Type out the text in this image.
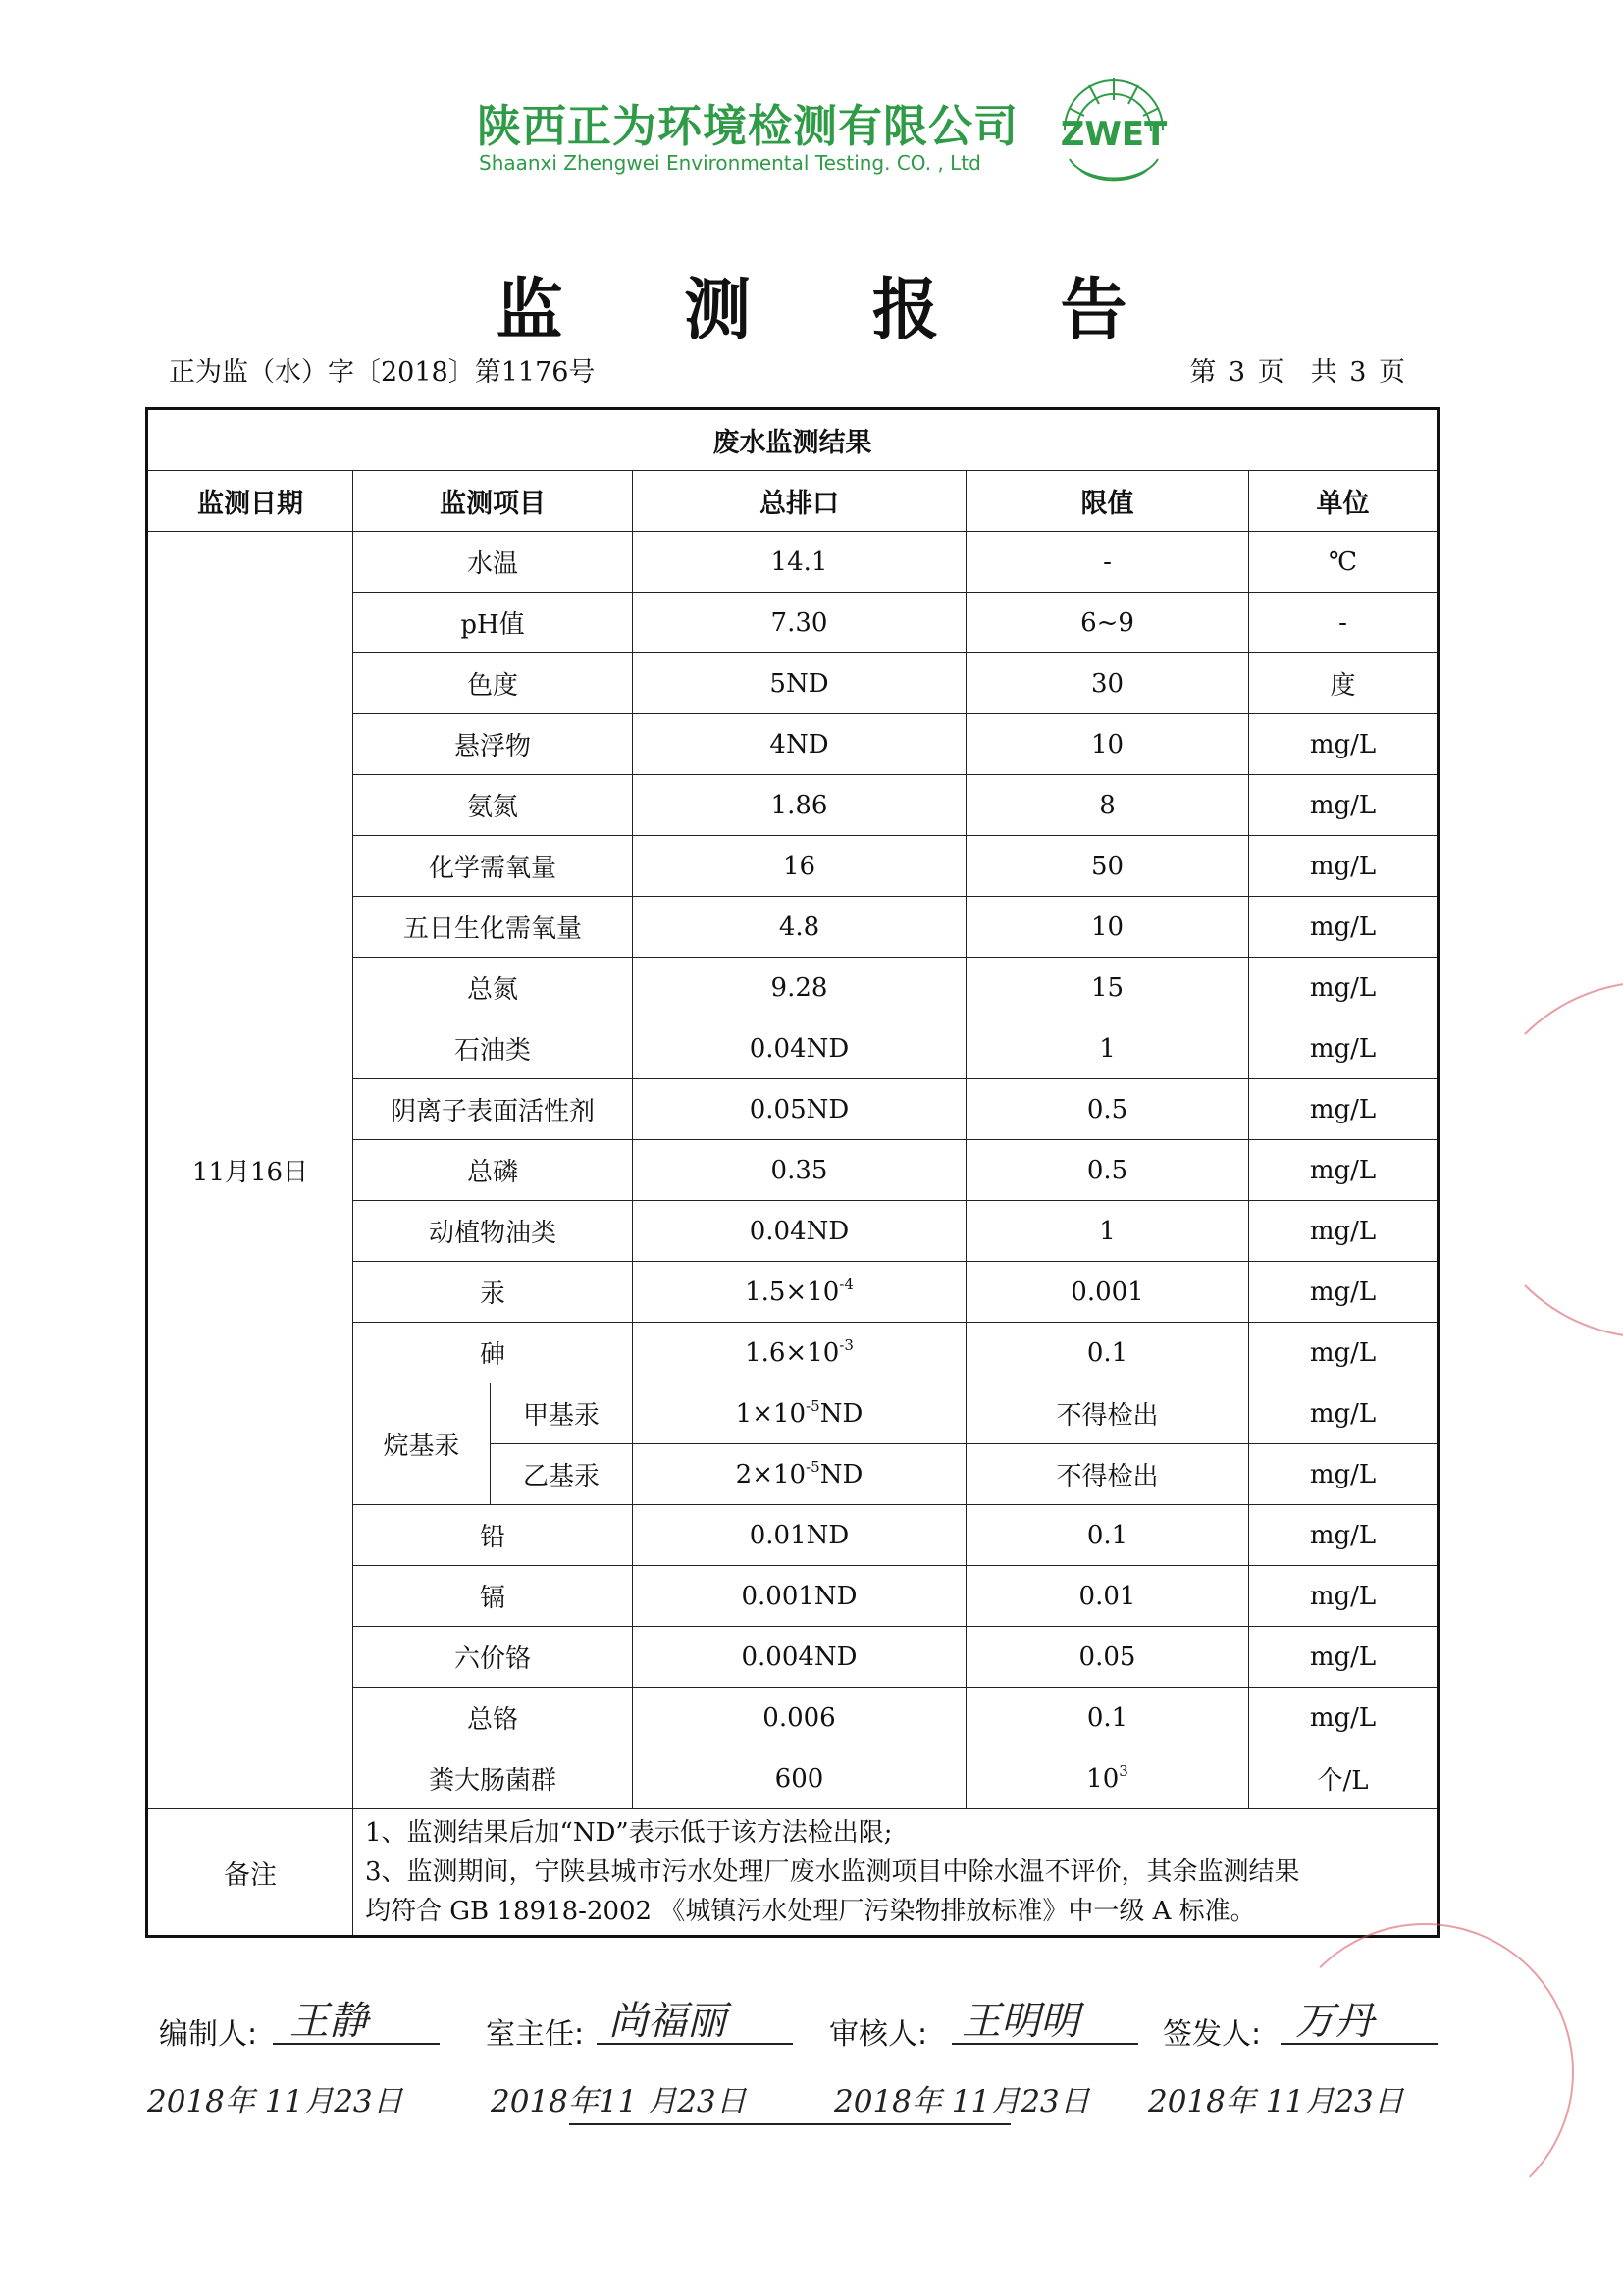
陕西正为环境检测有限公司
Shaanxi Zhengwei Environmental Testing. CO. , Ltd
ZWET
监 测 报 告
正为监（水）字〔2018〕第1176号	第 3 页　共 3 页
废水监测结果					
监测日期	监测项目		总排口	限值	单位
11月16日	水温		14.1	-	℃
	pH值		7.30	6~9	-
	色度		5ND	30	度
	悬浮物		4ND	10	mg/L
	氨氮		1.86	8	mg/L
	化学需氧量		16	50	mg/L
	五日生化需氧量		4.8	10	mg/L
	总氮		9.28	15	mg/L
	石油类		0.04ND	1	mg/L
	阴离子表面活性剂		0.05ND	0.5	mg/L
	总磷		0.35	0.5	mg/L
	动植物油类		0.04ND	1	mg/L
	汞		$1.5\times 10^{-4}$	0.001	mg/L
	砷		$1.6\times 10^{-3}$	0.1	mg/L
	烷基汞	甲基汞	$1\times 10^{-5}ND$	不得检出	mg/L
		乙基汞	$2\times 10^{-5}ND$	不得检出	mg/L
	铅		0.01ND	0.1	mg/L
	镉		0.001ND	0.01	mg/L
	六价铬		0.004ND	0.05	mg/L
	总铬		0.006	0.1	mg/L
	粪大肠菌群		600	$10^3$	个/L
备注	1、监测结果后加“ND”表示低于该方法检出限;
3、监测期间，宁陕县城市污水处理厂废水监测项目中除水温不评价，其余监测结果
均符合 GB 18918-2002 《城镇污水处理厂污染物排放标准》中一级 A 标准。				
编制人: 王静	室主任: 尚福丽	审核人: 王明明	签发人: 万丹
2018年 11月23日	2018年11 月23日	2018年 11月23日 2018年 11月23日
